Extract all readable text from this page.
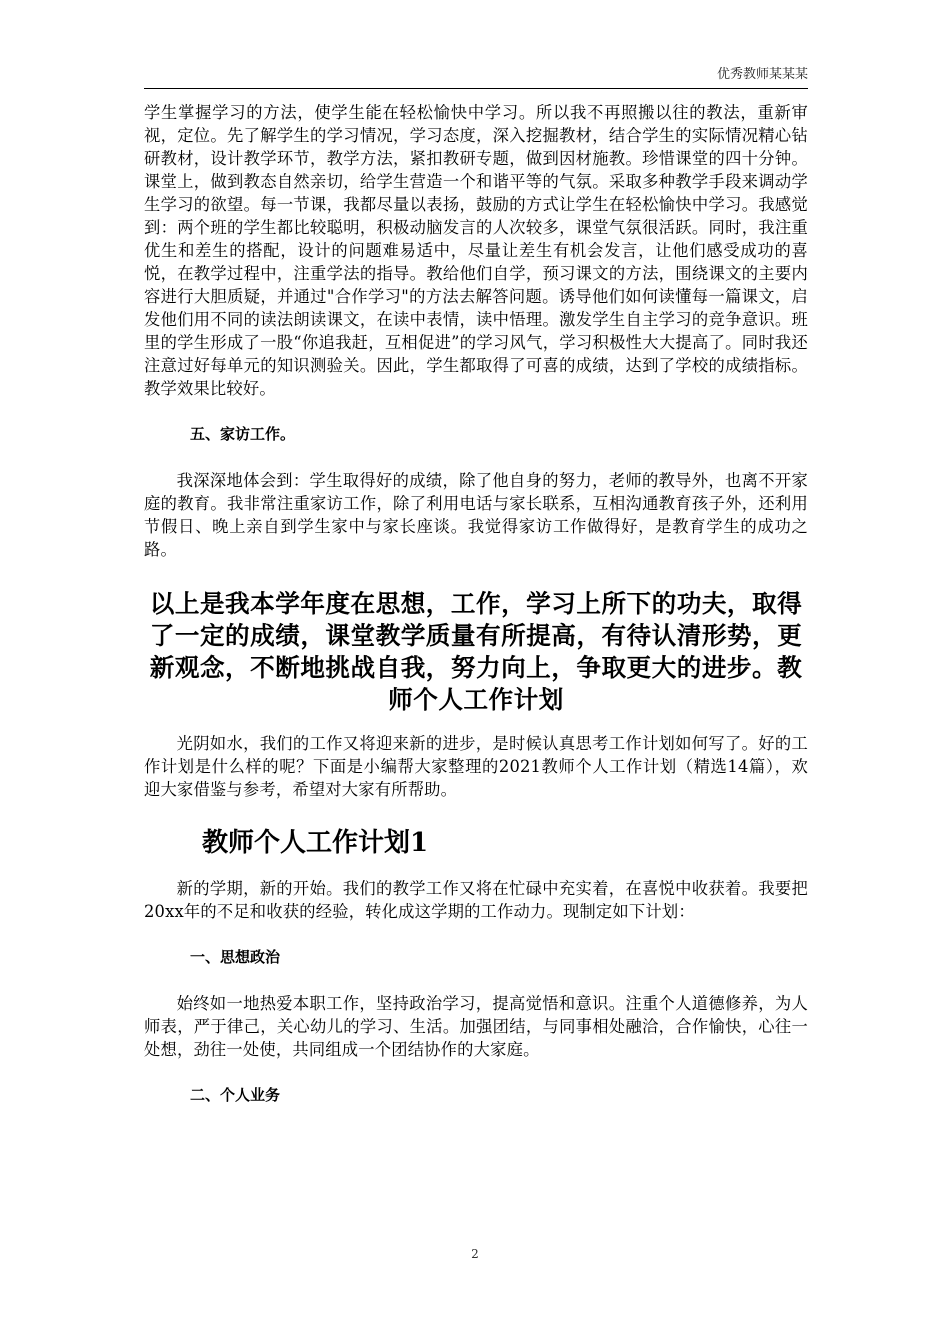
优秀教师某某某

学生掌握学习的方法，使学生能在轻松愉快中学习。所以我不再照搬以往的教法，重新审视，定位。先了解学生的学习情况，学习态度，深入挖掘教材，结合学生的实际情况精心钻研教材，设计教学环节，教学方法，紧扣教研专题，做到因材施教。珍惜课堂的四十分钟。课堂上，做到教态自然亲切，给学生营造一个和谐平等的气氛。采取多种教学手段来调动学生学习的欲望。每一节课，我都尽量以表扬，鼓励的方式让学生在轻松愉快中学习。我感觉到：两个班的学生都比较聪明，积极动脑发言的人次较多，课堂气氛很活跃。同时，我注重优生和差生的搭配，设计的问题难易适中，尽量让差生有机会发言，让他们感受成功的喜悦，在教学过程中，注重学法的指导。教给他们自学，预习课文的方法，围绕课文的主要内容进行大胆质疑，并通过"合作学习"的方法去解答问题。诱导他们如何读懂每一篇课文，启发他们用不同的读法朗读课文，在读中表情，读中悟理。激发学生自主学习的竞争意识。班里的学生形成了一股“你追我赶，互相促进”的学习风气，学习积极性大大提高了。同时我还注意过好每单元的知识测验关。因此，学生都取得了可喜的成绩，达到了学校的成绩指标。教学效果比较好。

五、家访工作。

我深深地体会到：学生取得好的成绩，除了他自身的努力，老师的教导外，也离不开家庭的教育。我非常注重家访工作，除了利用电话与家长联系，互相沟通教育孩子外，还利用节假日、晚上亲自到学生家中与家长座谈。我觉得家访工作做得好，是教育学生的成功之路。

以上是我本学年度在思想，工作，学习上所下的功夫，取得了一定的成绩，课堂教学质量有所提高，有待认清形势，更新观念，不断地挑战自我，努力向上，争取更大的进步。教师个人工作计划

光阴如水，我们的工作又将迎来新的进步，是时候认真思考工作计划如何写了。好的工作计划是什么样的呢？下面是小编帮大家整理的2021教师个人工作计划（精选14篇），欢迎大家借鉴与参考，希望对大家有所帮助。

教师个人工作计划1

新的学期，新的开始。我们的教学工作又将在忙碌中充实着，在喜悦中收获着。我要把20xx年的不足和收获的经验，转化成这学期的工作动力。现制定如下计划：

一、思想政治

始终如一地热爱本职工作，坚持政治学习，提高觉悟和意识。注重个人道德修养，为人师表，严于律己，关心幼儿的学习、生活。加强团结，与同事相处融洽，合作愉快，心往一处想，劲往一处使，共同组成一个团结协作的大家庭。

二、个人业务

2
